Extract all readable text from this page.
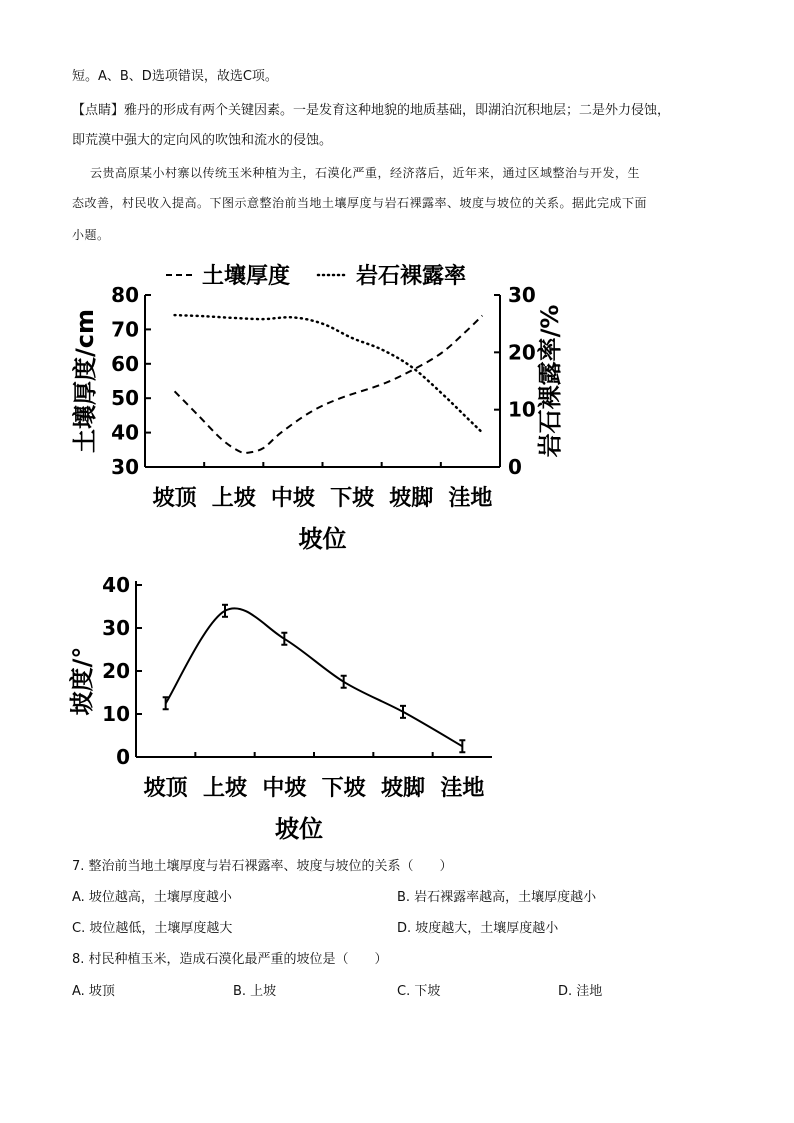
短。A、B、D选项错误，故选C项。
【点睛】雅丹的形成有两个关键因素。一是发育这种地貌的地质基础，即湖泊沉积地层；二是外力侵蚀，
即荒漠中强大的定向风的吹蚀和流水的侵蚀。
云贵高原某小村寨以传统玉米种植为主，石漠化严重，经济落后，近年来，通过区域整治与开发，生
态改善，村民收入提高。下图示意整治前当地土壤厚度与岩石裸露率、坡度与坡位的关系。据此完成下面
小题。
土壤厚度	岩石裸露率
30
40
50
60
70
80
0
10
20
30
坡顶 上坡 中坡 下坡 坡脚 洼地
坡位
土壤厚度/cm	岩石裸露率/%
0
10
20
30
40
坡顶 上坡 中坡 下坡 坡脚 洼地
坡位
坡度/°
7. 整治前当地土壤厚度与岩石裸露率、坡度与坡位的关系（　　）
A. 坡位越高，土壤厚度越小	B. 岩石裸露率越高，土壤厚度越小
C. 坡位越低，土壤厚度越大	D. 坡度越大，土壤厚度越小
8. 村民种植玉米，造成石漠化最严重的坡位是（　　）
A. 坡顶	B. 上坡	C. 下坡	D. 洼地
